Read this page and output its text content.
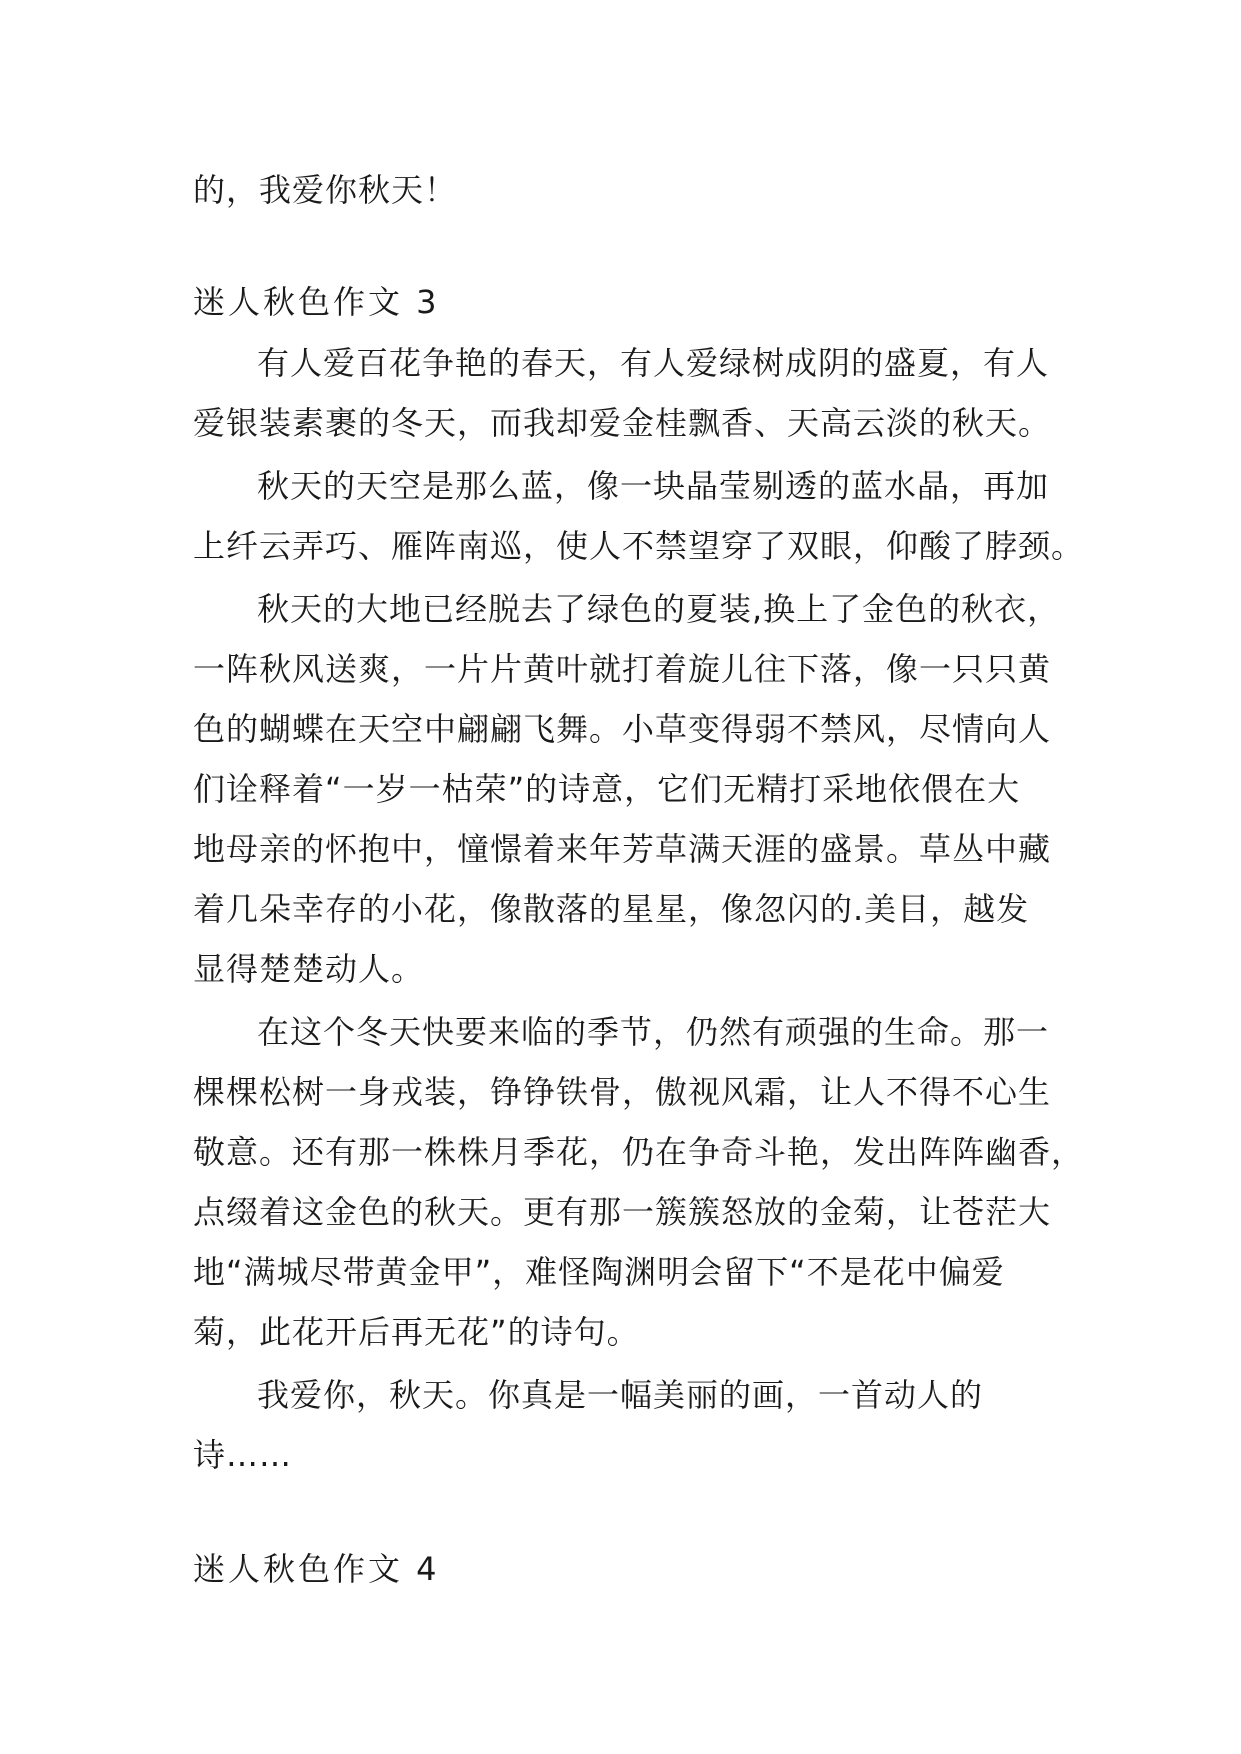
的，我爱你秋天！
迷人秋色作文 3
有人爱百花争艳的春天，有人爱绿树成阴的盛夏，有人
爱银装素裹的冬天，而我却爱金桂飘香、天高云淡的秋天。
秋天的天空是那么蓝，像一块晶莹剔透的蓝水晶，再加
上纤云弄巧、雁阵南巡，使人不禁望穿了双眼，仰酸了脖颈。
秋天的大地已经脱去了绿色的夏装,换上了金色的秋衣，
一阵秋风送爽，一片片黄叶就打着旋儿往下落，像一只只黄
色的蝴蝶在天空中翩翩飞舞。小草变得弱不禁风，尽情向人
们诠释着“一岁一枯荣”的诗意，它们无精打采地依偎在大
地母亲的怀抱中，憧憬着来年芳草满天涯的盛景。草丛中藏
着几朵幸存的小花，像散落的星星，像忽闪的.美目，越发
显得楚楚动人。
在这个冬天快要来临的季节，仍然有顽强的生命。那一
棵棵松树一身戎装，铮铮铁骨，傲视风霜，让人不得不心生
敬意。还有那一株株月季花，仍在争奇斗艳，发出阵阵幽香，
点缀着这金色的秋天。更有那一簇簇怒放的金菊，让苍茫大
地“满城尽带黄金甲”，难怪陶渊明会留下“不是花中偏爱
菊，此花开后再无花”的诗句。
我爱你，秋天。你真是一幅美丽的画，一首动人的
诗……
迷人秋色作文 4
